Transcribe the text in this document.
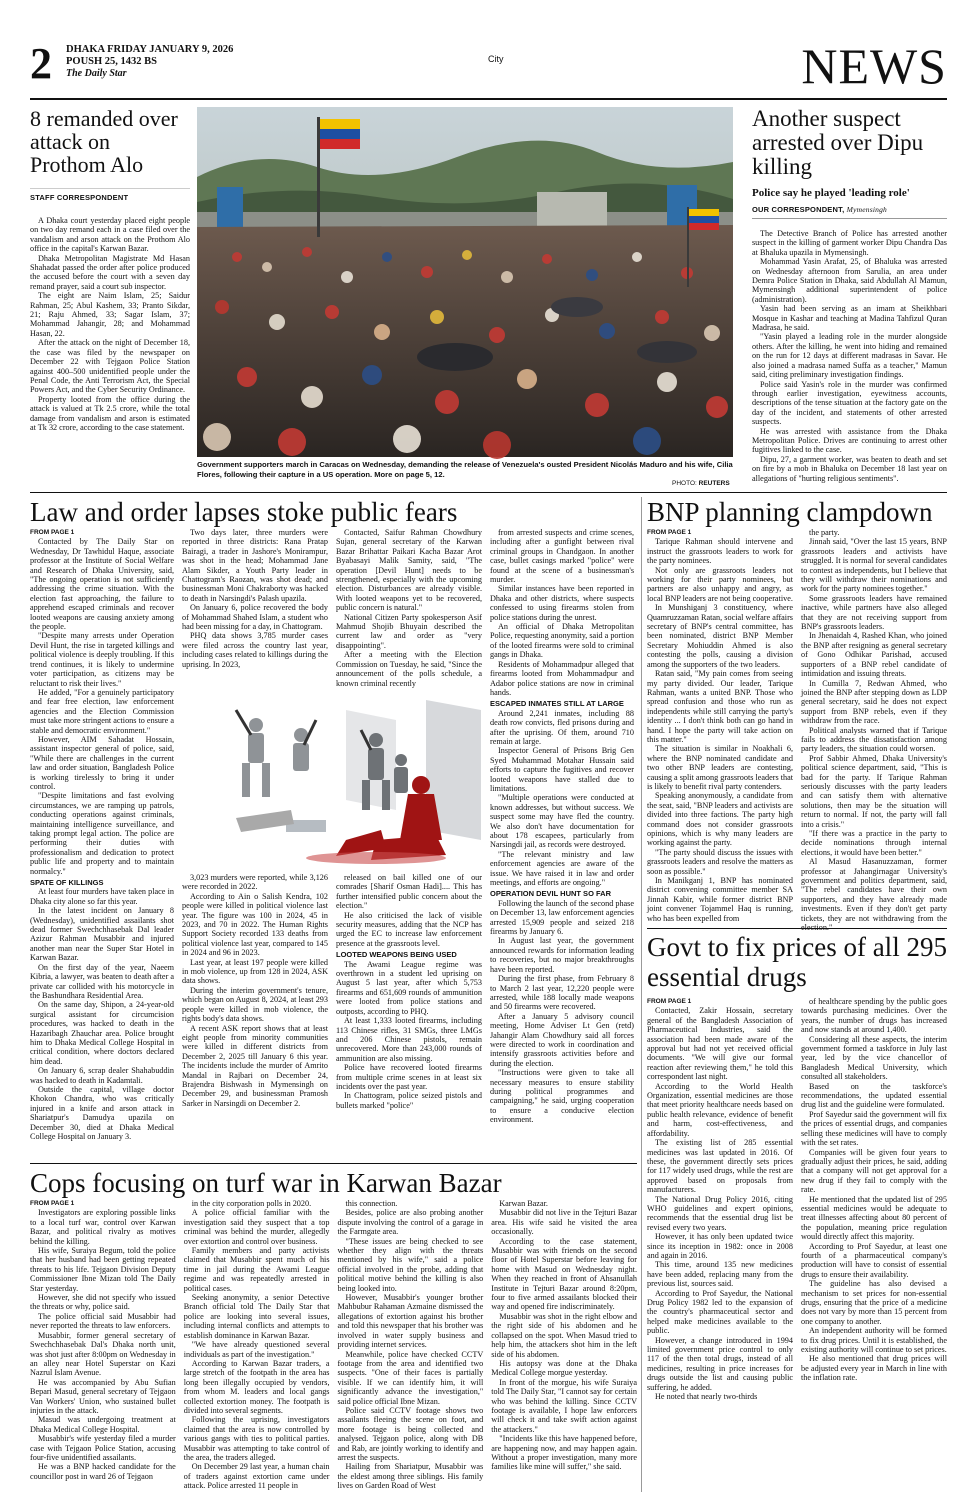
2 DHAKA FRIDAY JANUARY 9, 2026
POUSH 25, 1432 BS
The Daily Star
City	NEWS
8 remanded over attack on Prothom Alo
STAFF CORRESPONDENT

A Dhaka court yesterday placed eight people on two day remand each in a case filed over the vandalism and arson attack on the Prothom Alo office in the capital's Karwan Bazar.

Dhaka Metropolitan Magistrate Md Hasan Shahadat passed the order after police produced the accused before the court with a seven day remand prayer, said a court sub inspector.

The eight are Naim Islam, 25; Saidur Rahman, 25; Abul Kashem, 33; Pranto Sikdar, 21; Raju Ahmed, 33; Sagar Islam, 37; Mohammad Jahangir, 28; and Mohammad Hasan, 22.

After the attack on the night of December 18, the case was filed by the newspaper on December 22 with Tejgaon Police Station against 400–500 unidentified people under the Penal Code, the Anti Terrorism Act, the Special Powers Act, and the Cyber Security Ordinance.

Property looted from the office during the attack is valued at Tk 2.5 crore, while the total damage from vandalism and arson is estimated at Tk 32 crore, according to the case statement.

Government supporters march in Caracas on Wednesday, demanding the release of Venezuela's ousted President Nicolás Maduro and his wife, Cilia Flores, following their capture in a US operation. More on page 5, 12.
PHOTO: REUTERS
Another suspect arrested over Dipu killing
Police say he played 'leading role'
OUR CORRESPONDENT, Mymensingh

The Detective Branch of Police has arrested another suspect in the killing of garment worker Dipu Chandra Das at Bhaluka upazila in Mymensingh.

Mohammad Yasin Arafat, 25, of Bhaluka was arrested on Wednesday afternoon from Sarulia, an area under Demra Police Station in Dhaka, said Abdullah Al Mamun, Mymensingh additional superintendent of police (administration).

Yasin had been serving as an imam at Sheikhbari Mosque in Kashar and teaching at Madina Tahfizul Quran Madrasa, he said.

"Yasin played a leading role in the murder alongside others. After the killing, he went into hiding and remained on the run for 12 days at different madrasas in Savar. He also joined a madrasa named Suffa as a teacher," Mamun said, citing preliminary investigation findings.

Police said Yasin's role in the murder was confirmed through earlier investigation, eyewitness accounts, descriptions of the tense situation at the factory gate on the day of the incident, and statements of other arrested suspects.

He was arrested with assistance from the Dhaka Metropolitan Police. Drives are continuing to arrest other fugitives linked to the case.

Dipu, 27, a garment worker, was beaten to death and set on fire by a mob in Bhaluka on December 18 last year on allegations of "hurting religious sentiments".

Law and order lapses stoke public fears
FROM PAGE 1

Contacted by The Daily Star on Wednesday, Dr Tawhidul Haque, associate professor at the Institute of Social Welfare and Research of Dhaka University, said, "The ongoing operation is not sufficiently addressing the crime situation. With the election fast approaching, the failure to apprehend escaped criminals and recover looted weapons are causing anxiety among the people.

"Despite many arrests under Operation Devil Hunt, the rise in targeted killings and political violence is deeply troubling. If this trend continues, it is likely to undermine voter participation, as citizens may be reluctant to risk their lives."

He added, "For a genuinely participatory and fear free election, law enforcement agencies and the Election Commission must take more stringent actions to ensure a stable and democratic environment."

However, AIM Sahadat Hossain, assistant inspector general of police, said, "While there are challenges in the current law and order situation, Bangladesh Police is working tirelessly to bring it under control.

"Despite limitations and fast evolving circumstances, we are ramping up patrols, conducting operations against criminals, maintaining intelligence surveillance, and taking prompt legal action. The police are performing their duties with professionalism and dedication to protect public life and property and to maintain normalcy."

SPATE OF KILLINGS

At least four murders have taken place in Dhaka city alone so far this year.

In the latest incident on January 8 (Wednesday), unidentified assailants shot dead former Swechchhasebak Dal leader Azizur Rahman Musabbir and injured another man near the Super Star Hotel in Karwan Bazar.

On the first day of the year, Naeem Kibria, a lawyer, was beaten to death after a private car collided with his motorcycle in the Bashundhara Residential Area.

On the same day, Shipon, a 24-year-old surgical assistant for circumcision procedures, was hacked to death in the Hazaribagh Zhauchar area. Police brought him to Dhaka Medical College Hospital in critical condition, where doctors declared him dead.

On January 6, scrap dealer Shahabuddin was hacked to death in Kadamtali.

Outside the capital, village doctor Khokon Chandra, who was critically injured in a knife and arson attack in Shariatpur's Damudya upazila on December 30, died at Dhaka Medical College Hospital on January 3.

Two days later, three murders were reported in three districts: Rana Pratap Bairagi, a trader in Jashore's Monirampur, was shot in the head; Mohammad Jane Alam Sikder, a Youth Party leader in Chattogram's Raozan, was shot dead; and businessman Moni Chakraborty was hacked to death in Narsingdi's Palash upazila.

On January 6, police recovered the body of Mohammad Shahed Islam, a student who had been missing for a day, in Chattogram.

PHQ data shows 3,785 murder cases were filed across the country last year, including cases related to killings during the uprising. In 2023,

Contacted, Saifur Rahman Chowdhury Sujan, general secretary of the Karwan Bazar Brihattar Paikari Kacha Bazar Arot Byabasayi Malik Samity, said, "The operation [Devil Hunt] needs to be strengthened, especially with the upcoming election. Disturbances are already visible. With looted weapons yet to be recovered, public concern is natural."

National Citizen Party spokesperson Asif Mahmud Shojib Bhuyain described the current law and order as "very disappointing".

After a meeting with the Election Commission on Tuesday, he said, "Since the announcement of the polls schedule, a known criminal recently

3,023 murders were reported, while 3,126 were recorded in 2022.

According to Ain o Salish Kendra, 102 people were killed in political violence last year. The figure was 100 in 2024, 45 in 2023, and 70 in 2022. The Human Rights Support Society recorded 133 deaths from political violence last year, compared to 145 in 2024 and 96 in 2023.

Last year, at least 197 people were killed in mob violence, up from 128 in 2024, ASK data shows.

During the interim government's tenure, which began on August 8, 2024, at least 293 people were killed in mob violence, the rights body's data shows.

A recent ASK report shows that at least eight people from minority communities were killed in different districts from December 2, 2025 till January 6 this year. The incidents include the murder of Amrito Mandal in Rajbari on December 24, Brajendra Bishwash in Mymensingh on December 29, and businessman Pramosh Sarker in Narsingdi on December 2.

released on bail killed one of our comrades [Sharif Osman Hadi].... This has further intensified public concern about the election."

He also criticised the lack of visible security measures, adding that the NCP has urged the EC to increase law enforcement presence at the grassroots level.

LOOTED WEAPONS BEING USED

The Awami League regime was overthrown in a student led uprising on August 5 last year, after which 5,753 firearms and 651,609 rounds of ammunition were looted from police stations and outposts, according to PHQ.

At least 1,333 looted firearms, including 113 Chinese rifles, 31 SMGs, three LMGs and 206 Chinese pistols, remain unrecovered. More than 243,000 rounds of ammunition are also missing.

Police have recovered looted firearms from multiple crime scenes in at least six incidents over the past year.

In Chattogram, police seized pistols and bullets marked "police"

from arrested suspects and crime scenes, including after a gunfight between rival criminal groups in Chandgaon. In another case, bullet casings marked "police" were found at the scene of a businessman's murder.

Similar instances have been reported in Dhaka and other districts, where suspects confessed to using firearms stolen from police stations during the unrest.

An official of Dhaka Metropolitan Police, requesting anonymity, said a portion of the looted firearms were sold to criminal gangs in Dhaka.

Residents of Mohammadpur alleged that firearms looted from Mohammadpur and Adabor police stations are now in criminal hands.

ESCAPED INMATES STILL AT LARGE

Around 2,241 inmates, including 88 death row convicts, fled prisons during and after the uprising. Of them, around 710 remain at large.

Inspector General of Prisons Brig Gen Syed Muhammad Motahar Hussain said efforts to capture the fugitives and recover looted weapons have stalled due to limitations.

"Multiple operations were conducted at known addresses, but without success. We suspect some may have fled the country. We also don't have documentation for about 178 escapees, particularly from Narsingdi jail, as records were destroyed.

"The relevant ministry and law enforcement agencies are aware of the issue. We have raised it in law and order meetings, and efforts are ongoing."

OPERATION DEVIL HUNT SO FAR

Following the launch of the second phase on December 13, law enforcement agencies arrested 15,909 people and seized 218 firearms by January 6.

In August last year, the government announced rewards for information leading to recoveries, but no major breakthroughs have been reported.

During the first phase, from February 8 to March 2 last year, 12,220 people were arrested, while 188 locally made weapons and 50 firearms were recovered.

After a January 5 advisory council meeting, Home Adviser Lt Gen (retd) Jahangir Alam Chowdhury said all forces were directed to work in coordination and intensify grassroots activities before and during the election.

"Instructions were given to take all necessary measures to ensure stability during political programmes and campaigning," he said, urging cooperation to ensure a conducive election environment.

BNP planning clampdown
FROM PAGE 1

Tarique Rahman should intervene and instruct the grassroots leaders to work for the party nominees.

Not only are grassroots leaders not working for their party nominees, but partners are also unhappy and angry, as local BNP leaders are not being cooperative.

In Munshiganj 3 constituency, where Quamruzzaman Ratan, social welfare affairs secretary of BNP's central committee, has been nominated, district BNP Member Secretary Mohiuddin Ahmed is also contesting the polls, causing a division among the supporters of the two leaders.

Ratan said, "My pain comes from seeing my party divided. Our leader, Tarique Rahman, wants a united BNP. Those who spread confusion and those who run as independents while still carrying the party's identity ... I don't think both can go hand in hand. I hope the party will take action on this matter."

The situation is similar in Noakhali 6, where the BNP nominated candidate and two other BNP leaders are contesting, causing a split among grassroots leaders that is likely to benefit rival party contenders.

Speaking anonymously, a candidate from the seat, said, "BNP leaders and activists are divided into three factions. The party high command does not consider grassroots opinions, which is why many leaders are working against the party.

"The party should discuss the issues with grassroots leaders and resolve the matters as soon as possible."

In Manikganj 1, BNP has nominated district convening committee member SA Jinnah Kabir, while former district BNP joint convener Tojammel Haq is running, who has been expelled from

the party.

Jinnah said, "Over the last 15 years, BNP grassroots leaders and activists have struggled. It is normal for several candidates to contest as independents, but I believe that they will withdraw their nominations and work for the party nominees together."

Some grassroots leaders have remained inactive, while partners have also alleged that they are not receiving support from BNP's grassroots leaders.

In Jhenaidah 4, Rashed Khan, who joined the BNP after resigning as general secretary of Gono Odhikar Parishad, accused supporters of a BNP rebel candidate of intimidation and issuing threats.

In Cumilla 7, Redwan Ahmed, who joined the BNP after stepping down as LDP general secretary, said he does not expect support from BNP rebels, even if they withdraw from the race.

Political analysts warned that if Tarique fails to address the dissatisfaction among party leaders, the situation could worsen.

Prof Sabbir Ahmed, Dhaka University's political science department, said, "This is bad for the party. If Tarique Rahman seriously discusses with the party leaders and can satisfy them with alternative solutions, then may be the situation will return to normal. If not, the party will fall into a crisis."

"If there was a practice in the party to decide nominations through internal elections, it would have been better."

Al Masud Hasanuzzaman, former professor at Jahangirnagar University's government and politics department, said, "The rebel candidates have their own supporters, and they have already made investments. Even if they don't get party tickets, they are not withdrawing from the

Govt to fix prices of all 295 essential drugs
FROM PAGE 1

Contacted, Zakir Hossain, secretary general of the Bangladesh Association of Pharmaceutical Industries, said the association had been made aware of the approval but had not yet received official documents. "We will give our formal reaction after reviewing them," he told this correspondent last night.

According to the World Health Organization, essential medicines are those that meet priority healthcare needs based on public health relevance, evidence of benefit and harm, cost-effectiveness, and affordability.

The existing list of 285 essential medicines was last updated in 2016. Of these, the government directly sets prices for 117 widely used drugs, while the rest are approved based on proposals from manufacturers.

The National Drug Policy 2016, citing WHO guidelines and expert opinions, recommends that the essential drug list be revised every two years.

However, it has only been updated twice since its inception in 1982: once in 2008 and again in 2016.

This time, around 135 new medicines have been added, replacing many from the previous list, sources said.

According to Prof Sayedur, the National Drug Policy 1982 led to the expansion of the country's pharmaceutical sector and helped make medicines available to the public.

However, a change introduced in 1994 limited government price control to only 117 of the then total drugs, instead of all medicines, resulting in price increases for drugs outside the list and causing public suffering, he added.

He noted that nearly two-thirds

of healthcare spending by the public goes towards purchasing medicines. Over the years, the number of drugs has increased and now stands at around 1,400.

Considering all these aspects, the interim government formed a taskforce in July last year, led by the vice chancellor of Bangladesh Medical University, which consulted all stakeholders.

Based on the taskforce's recommendations, the updated essential drug list and the guideline were formulated.

Prof Sayedur said the government will fix the prices of essential drugs, and companies selling these medicines will have to comply with the set rates.

Companies will be given four years to gradually adjust their prices, he said, adding that a company will not get approval for a new drug if they fail to comply with the rate.

He mentioned that the updated list of 295 essential medicines would be adequate to treat illnesses affecting about 80 percent of the population, meaning price regulation would directly affect this majority.

According to Prof Sayedur, at least one fourth of a pharmaceutical company's production will have to consist of essential drugs to ensure their availability.

The guideline has also devised a mechanism to set prices for non-essential drugs, ensuring that the price of a medicine does not vary by more than 15 percent from one company to another.

An independent authority will be formed to fix drug prices. Until it is established, the existing authority will continue to set prices.

He also mentioned that drug prices will be adjusted every year in March in line with the inflation rate.

Cops focusing on turf war in Karwan Bazar
FROM PAGE 1

Investigators are exploring possible links to a local turf war, control over Karwan Bazar, and political rivalry as motives behind the killing.

His wife, Suraiya Begum, told the police that her husband had been getting repeated threats to his life. Tejgaon Division Deputy Commissioner Ibne Mizan told The Daily Star yesterday.

However, she did not specify who issued the threats or why, police said.

The police official said Musabbir had never reported the threats to law enforcers.

Musabbir, former general secretary of Swechchhasebak Dal's Dhaka north unit, was shot just after 8:00pm on Wednesday in an alley near Hotel Superstar on Kazi Nazrul Islam Avenue.

He was accompanied by Abu Sufian Bepari Masud, general secretary of Tejgaon Van Workers' Union, who sustained bullet injuries in the attack.

Masud was undergoing treatment at Dhaka Medical College Hospital.

Musabbir's wife yesterday filed a murder case with Tejgaon Police Station, accusing four-five unidentified assailants.

He was a BNP hacked candidate for the councillor post in ward 26 of Tejgaon

in the city corporation polls in 2020.

A police official familiar with the investigation said they suspect that a top criminal was behind the murder, allegedly over extortion and control over business.

Family members and party activists claimed that Musabbir spent much of his time in jail during the Awami League regime and was repeatedly arrested in political cases.

Seeking anonymity, a senior Detective Branch official told The Daily Star that police are looking into several issues, including internal conflicts and attempts to establish dominance in Karwan Bazar.

"We have already questioned several individuals as part of the investigation."

According to Karwan Bazar traders, a large stretch of the footpath in the area has long been illegally occupied by vendors, from whom M. leaders and local gangs collected extortion money. The footpath is divided into several segments.

Following the uprising, investigators claimed that the area is now controlled by various gangs with ties to political parties. Musabbir was attempting to take control of the area, the traders alleged.

On December 29 last year, a human chain of traders against extortion came under attack. Police arrested 11 people in

this connection.

Besides, police are also probing another dispute involving the control of a garage in the Farmgate area.

"These issues are being checked to see whether they align with the threats mentioned by his wife," said a police official involved in the probe, adding that political motive behind the killing is also being looked into.

However, Musabbir's younger brother Mahbubur Rahaman Azmaine dismissed the allegations of extortion against his brother and told this newspaper that his brother was involved in water supply business and providing internet services.

Meanwhile, police have checked CCTV footage from the area and identified two suspects. "One of their faces is partially visible. If we can identify him, it will significantly advance the investigation," said police official Ibne Mizan.

Police said CCTV footage shows two assailants fleeing the scene on foot, and more footage is being collected and analysed. Tejgaon police, along with DB and Rab, are jointly working to identify and arrest the suspects.

Hailing from Shariatpur, Musabbir was the eldest among three siblings. His family lives on Garden Road of West

Karwan Bazar.

Musabbir did not live in the Tejturi Bazar area. His wife said he visited the area occasionally.

According to the case statement, Musabbir was with friends on the second floor of Hotel Superstar before leaving for home with Masud on Wednesday night. When they reached in front of Ahsanullah Institute in Tejturi Bazar around 8:20pm, four to five armed assailants blocked their way and opened fire indiscriminately.

Musabbir was shot in the right elbow and the right side of his abdomen and he collapsed on the spot. When Masud tried to help him, the attackers shot him in the left side of his abdomen.

His autopsy was done at the Dhaka Medical College morgue yesterday.

In front of the morgue, his wife Suraiya told The Daily Star, "I cannot say for certain who was behind the killing. Since CCTV footage is available, I hope law enforcers will check it and take swift action against the attackers."

"Incidents like this have happened before, are happening now, and may happen again. Without a proper investigation, many more families like mine will suffer," she said.
